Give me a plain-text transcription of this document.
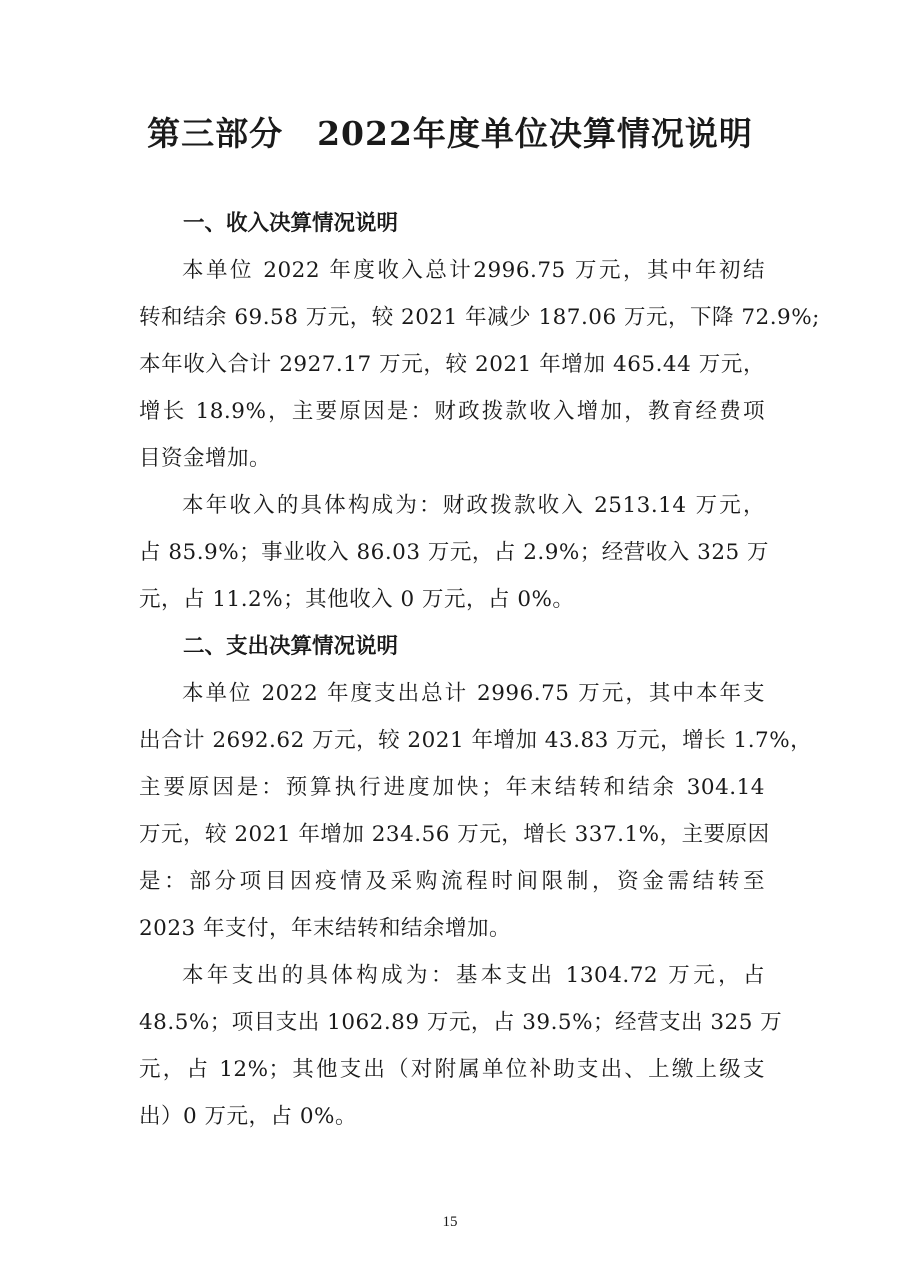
第三部分　2022年度单位决算情况说明
一、收入决算情况说明

本单位 2022 年度收入总计2996.75 万元，其中年初结
转和结余 69.58 万元，较 2021 年减少 187.06 万元，下降 72.9%;
本年收入合计 2927.17 万元，较 2021 年增加 465.44 万元，
增长 18.9%，主要原因是：财政拨款收入增加，教育经费项
目资金增加。

本年收入的具体构成为：财政拨款收入 2513.14 万元，
占 85.9%；事业收入 86.03 万元，占 2.9%；经营收入 325 万
元，占 11.2%；其他收入 0 万元，占 0%。

二、支出决算情况说明

本单位 2022 年度支出总计 2996.75 万元，其中本年支
出合计 2692.62 万元，较 2021 年增加 43.83 万元，增长 1.7%，
主要原因是：预算执行进度加快；年末结转和结余 304.14
万元，较 2021 年增加 234.56 万元，增长 337.1%，主要原因
是：部分项目因疫情及采购流程时间限制，资金需结转至
2023 年支付，年末结转和结余增加。

本年支出的具体构成为：基本支出 1304.72 万元，占
48.5%；项目支出 1062.89 万元，占 39.5%；经营支出 325 万
元，占 12%；其他支出（对附属单位补助支出、上缴上级支
出）0 万元，占 0%。

15
